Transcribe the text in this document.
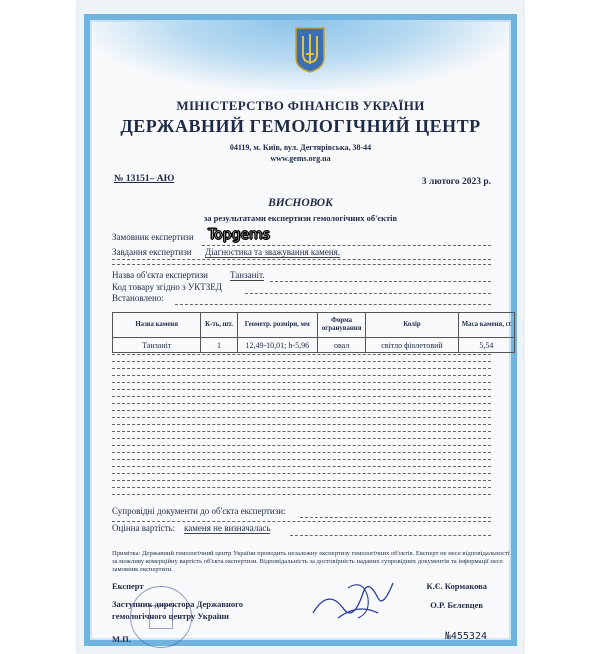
МІНІСТЕРСТВО ФІНАНСІВ УКРАЇНИ
ДЕРЖАВНИЙ ГЕМОЛОГІЧНИЙ ЦЕНТР
04119, м. Київ, вул. Дегтярівська, 38-44
www.gems.org.ua
№ 13151– АЮ	3 лютого 2023 р.
ВИСНОВОК
за результатами експертизи гемологічних об'єктів
Замовник експертизи Topgems
Завдання експертизи Діагностика та зважування каменя.
Назва об'єкта експертизи Танзаніт.
Код товару згідно з УКТЗЕД
Встановлено:
Назва каменя	К-ть, шт.	Геометр. розміри, мм	Форма огранування	Колір	Маса каменя, ct
Танзаніт	1	12,49-10,01; h-5,96	овал	світло фіолетовий	5,54
Супровідні документи до об'єкта експертизи:
Оцінна вартість: каменя не визначалась
Примітка: Державний гемологічний центр України проводить незалежну експертизу гемологічних об'єктів. Експерт не несе відповідальності за можливу комерційну вартість об'єкта експертизи. Відповідальність за достовірність наданих супровідних документів та інформації несе замовник експертизи.
Експерт	К.Є. Кормакова
Заступник директора Державного
гемологічного центру України
О.Р. Бєлєвцев
М.П.	№455324
